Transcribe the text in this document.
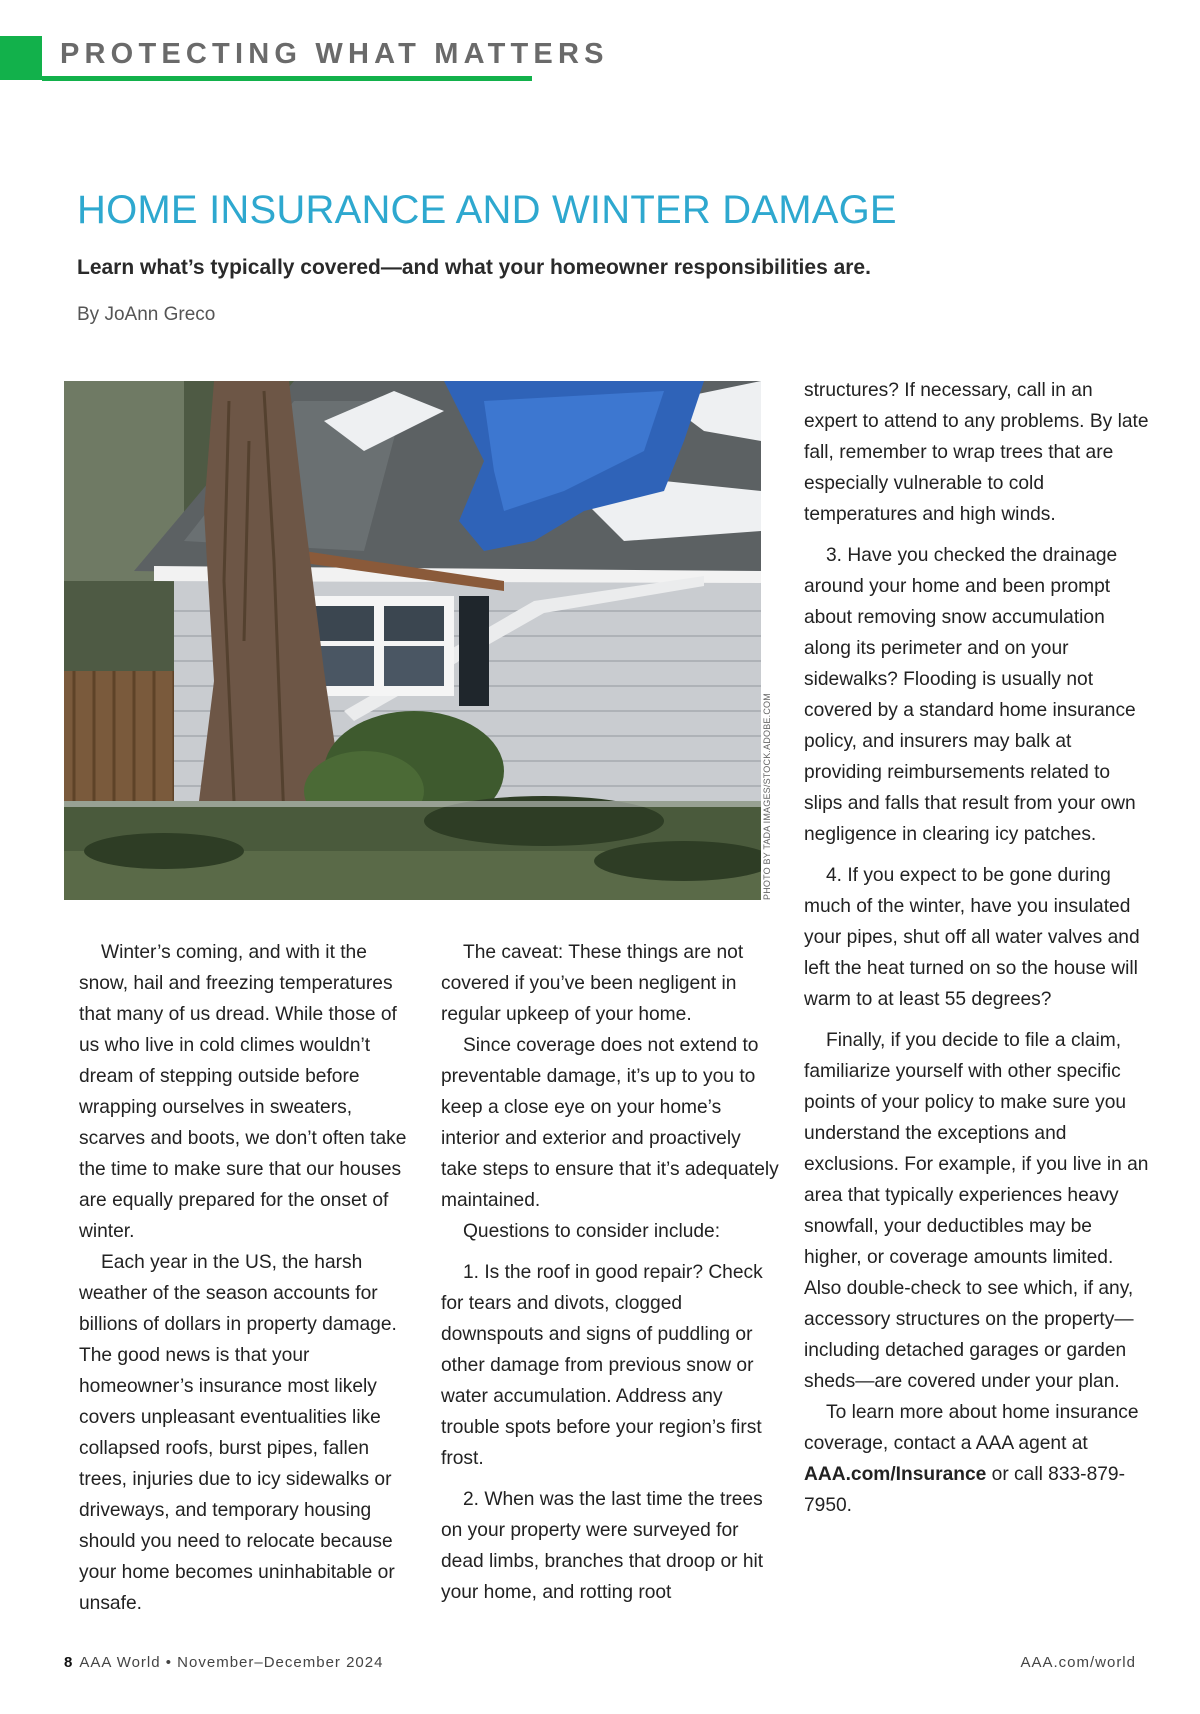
PROTECTING WHAT MATTERS
HOME INSURANCE AND WINTER DAMAGE

Learn what’s typically covered—and what your homeowner responsibilities are.

By JoAnn Greco
PHOTO BY TADA IMAGES/STOCK.ADOBE.COM

Winter’s coming, and with it the snow, hail and freezing temperatures that many of us dread. While those of us who live in cold climes wouldn’t dream of stepping outside before wrapping ourselves in sweaters, scarves and boots, we don’t often take the time to make sure that our houses are equally prepared for the onset of winter.

Each year in the US, the harsh weather of the season accounts for billions of dollars in property damage. The good news is that your homeowner’s insurance most likely covers unpleasant eventualities like collapsed roofs, burst pipes, fallen trees, injuries due to icy sidewalks or driveways, and temporary housing should you need to relocate because your home becomes uninhabitable or unsafe.

The caveat: These things are not covered if you’ve been negligent in regular upkeep of your home.

Since coverage does not extend to preventable damage, it’s up to you to keep a close eye on your home’s interior and exterior and proactively take steps to ensure that it’s adequately maintained.

Questions to consider include:

1. Is the roof in good repair? Check for tears and divots, clogged downspouts and signs of puddling or other damage from previous snow or water accumulation. Address any trouble spots before your region’s first frost.

2. When was the last time the trees on your property were surveyed for dead limbs, branches that droop or hit your home, and rotting root

structures? If necessary, call in an expert to attend to any problems. By late fall, remember to wrap trees that are especially vulnerable to cold temperatures and high winds.

3. Have you checked the drainage around your home and been prompt about removing snow accumulation along its perimeter and on your sidewalks? Flooding is usually not covered by a standard home insurance policy, and insurers may balk at providing reimbursements related to slips and falls that result from your own negligence in clearing icy patches.

4. If you expect to be gone during much of the winter, have you insulated your pipes, shut off all water valves and left the heat turned on so the house will warm to at least 55 degrees?

Finally, if you decide to file a claim, familiarize yourself with other specific points of your policy to make sure you understand the exceptions and exclusions. For example, if you live in an area that typically experiences heavy snowfall, your deductibles may be higher, or coverage amounts limited. Also double-check to see which, if any, accessory structures on the property—including detached garages or garden sheds—are covered under your plan.

To learn more about home insurance coverage, contact a AAA agent at AAA.com/Insurance or call 833-879-7950.

8 AAA World • November–December 2024	AAA.com/world
